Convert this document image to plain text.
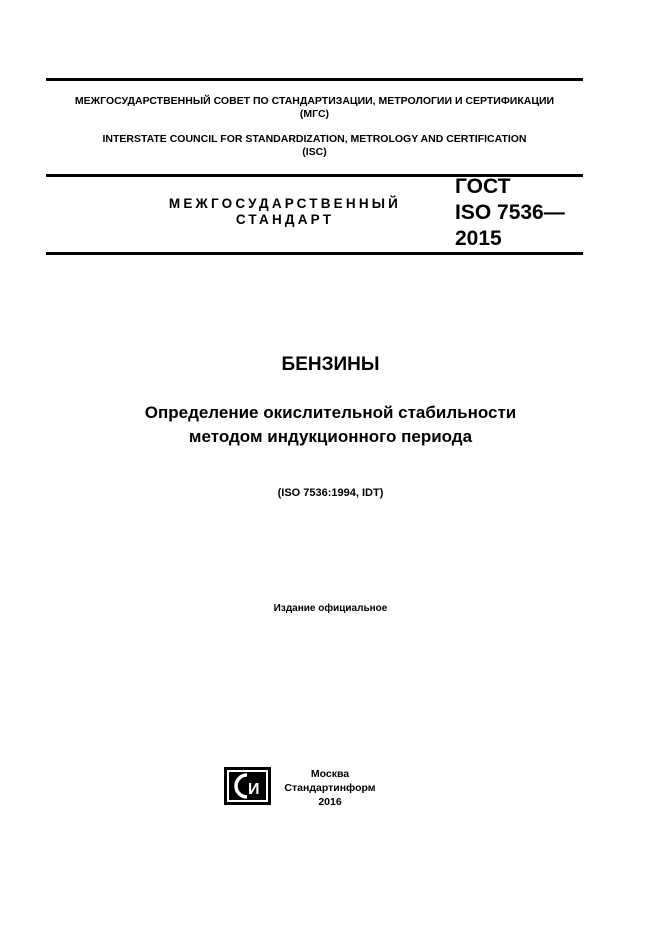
МЕЖГОСУДАРСТВЕННЫЙ СОВЕТ ПО СТАНДАРТИЗАЦИИ, МЕТРОЛОГИИ И СЕРТИФИКАЦИИ
(МГС)
INTERSTATE COUNCIL FOR STANDARDIZATION, METROLOGY AND CERTIFICATION
(ISC)
МЕЖГОСУДАРСТВЕННЫЙ
СТАНДАРТ
ГОСТ
ISO 7536—
2015
БЕНЗИНЫ
Определение окислительной стабильности
методом индукционного периода
(ISO 7536:1994, IDT)
Издание официальное
И
Москва
Стандартинформ
2016
